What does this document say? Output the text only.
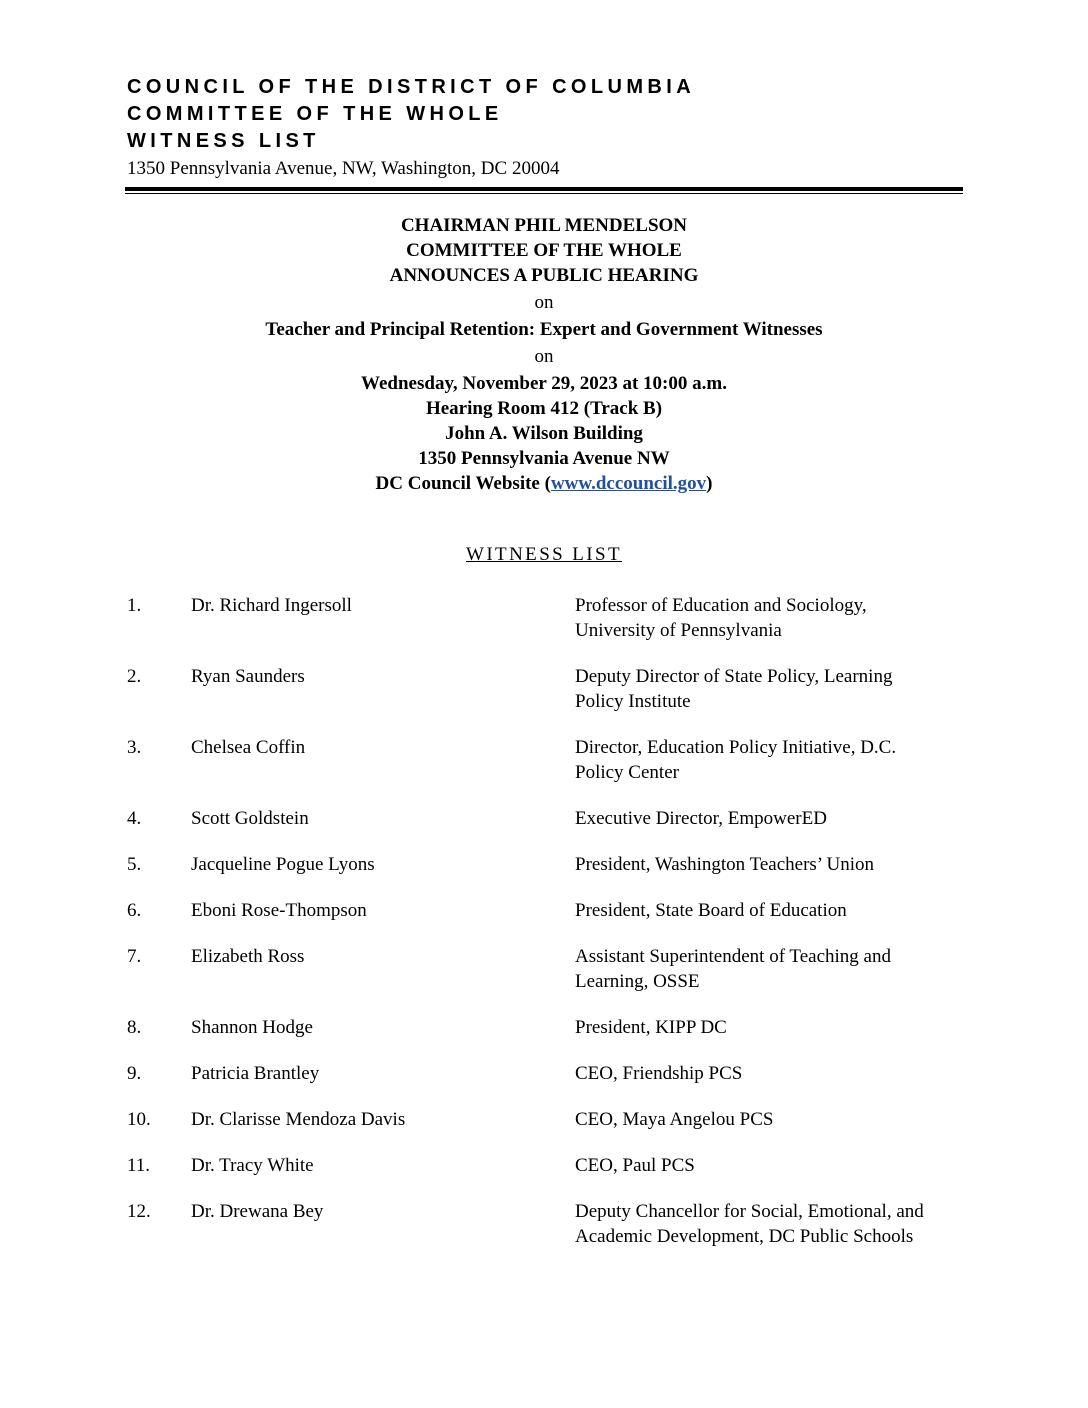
COUNCIL OF THE DISTRICT OF COLUMBIA
COMMITTEE OF THE WHOLE
WITNESS LIST
1350 Pennsylvania Avenue, NW, Washington, DC 20004
CHAIRMAN PHIL MENDELSON
COMMITTEE OF THE WHOLE
ANNOUNCES A PUBLIC HEARING
on
Teacher and Principal Retention: Expert and Government Witnesses
on
Wednesday, November 29, 2023 at 10:00 a.m.
Hearing Room 412 (Track B)
John A. Wilson Building
1350 Pennsylvania Avenue NW
DC Council Website (www.dccouncil.gov)
WITNESS LIST
1.	Dr. Richard Ingersoll	Professor of Education and Sociology, University of Pennsylvania
2.	Ryan Saunders	Deputy Director of State Policy, Learning Policy Institute
3.	Chelsea Coffin	Director, Education Policy Initiative, D.C. Policy Center
4.	Scott Goldstein	Executive Director, EmpowerED
5.	Jacqueline Pogue Lyons	President, Washington Teachers’ Union
6.	Eboni Rose-Thompson	President, State Board of Education
7.	Elizabeth Ross	Assistant Superintendent of Teaching and Learning, OSSE
8.	Shannon Hodge	President, KIPP DC
9.	Patricia Brantley	CEO, Friendship PCS
10.	Dr. Clarisse Mendoza Davis	CEO, Maya Angelou PCS
11.	Dr. Tracy White	CEO, Paul PCS
12.	Dr. Drewana Bey	Deputy Chancellor for Social, Emotional, and Academic Development, DC Public Schools
